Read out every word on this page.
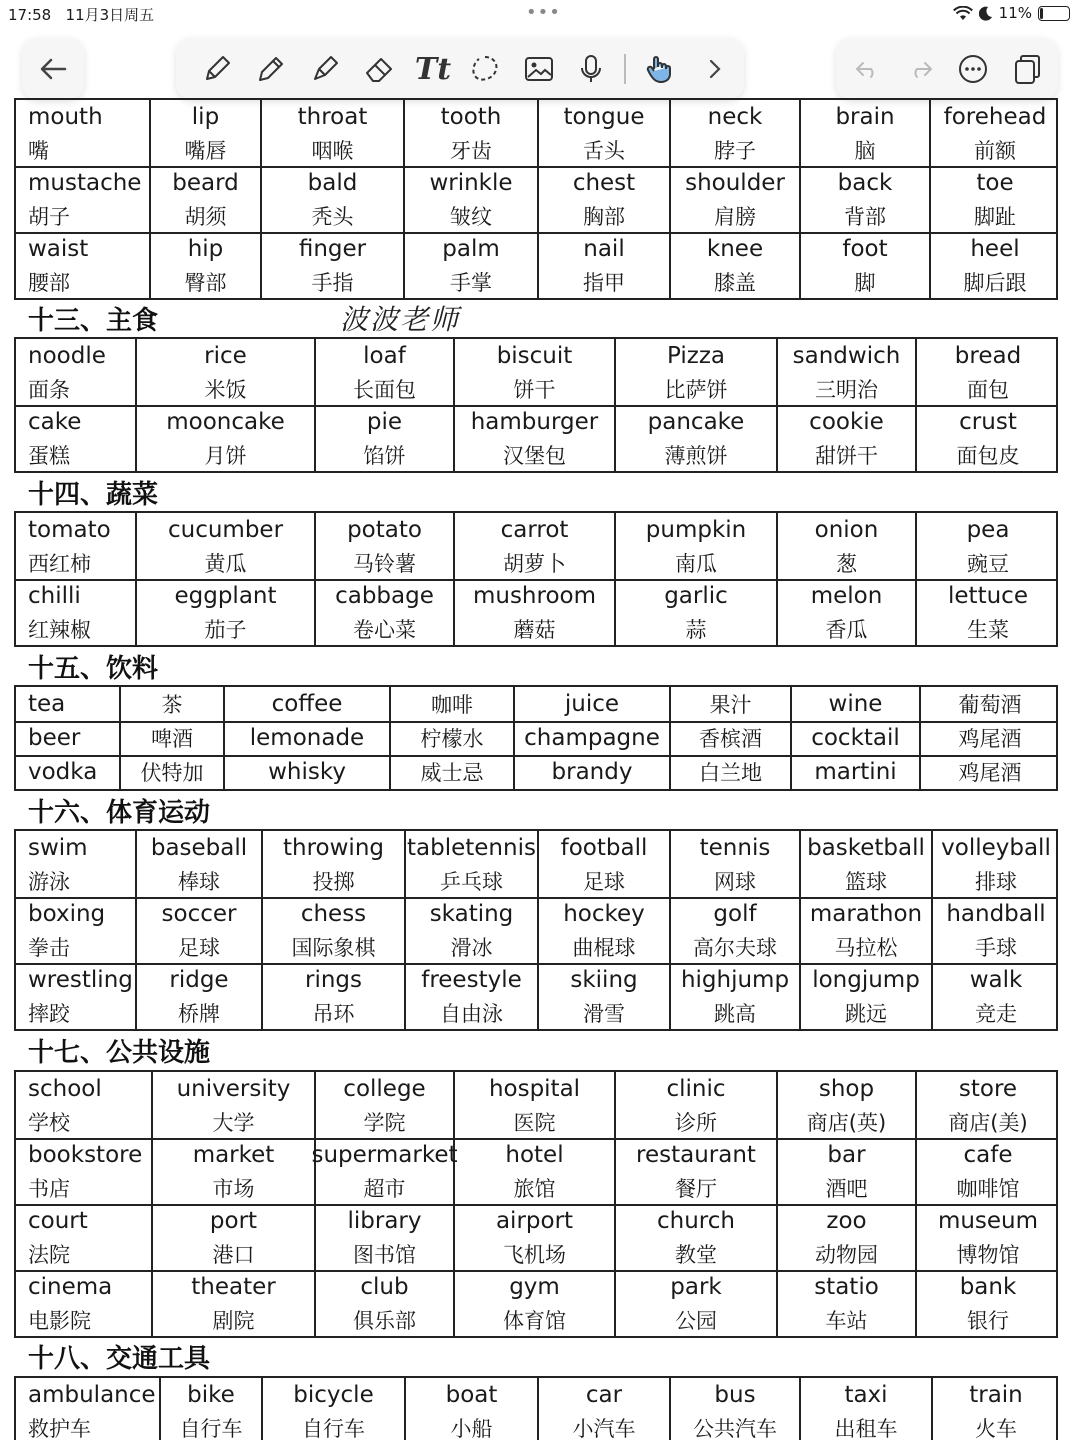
17:58 11月3日周五	•••	11%
Tt
波波老师
mouth	lip	throat	tooth	tongue	neck	brain	forehead
嘴	嘴唇	咽喉	牙齿	舌头	脖子	脑	前额
mustache	beard	bald	wrinkle	chest	shoulder	back	toe
胡子	胡须	秃头	皱纹	胸部	肩膀	背部	脚趾
waist	hip	finger	palm	nail	knee	foot	heel
腰部	臀部	手指	手掌	指甲	膝盖	脚	脚后跟
十三、主食
noodle	rice	loaf	biscuit	Pizza	sandwich	bread
面条	米饭	长面包	饼干	比萨饼	三明治	面包
cake	mooncake	pie	hamburger	pancake	cookie	crust
蛋糕	月饼	馅饼	汉堡包	薄煎饼	甜饼干	面包皮
十四、蔬菜
tomato	cucumber	potato	carrot	pumpkin	onion	pea
西红柿	黄瓜	马铃薯	胡萝卜	南瓜	葱	豌豆
chilli	eggplant	cabbage	mushroom	garlic	melon	lettuce
红辣椒	茄子	卷心菜	蘑菇	蒜	香瓜	生菜
十五、饮料
tea	茶	coffee	咖啡	juice	果汁	wine	葡萄酒
beer	啤酒	lemonade	柠檬水	champagne	香槟酒	cocktail	鸡尾酒
vodka	伏特加	whisky	威士忌	brandy	白兰地	martini	鸡尾酒
十六、体育运动
swim	baseball	throwing	tabletennis	football	tennis	basketball volleyball
游泳	棒球	投掷	乒乓球	足球	网球	篮球	排球
boxing	soccer	chess	skating	hockey	golf	marathon	handball
拳击	足球	国际象棋	滑冰	曲棍球	高尔夫球	马拉松	手球
wrestling	ridge	rings	freestyle	skiing	highjump	longjump	walk
摔跤	桥牌	吊环	自由泳	滑雪	跳高	跳远	竞走
十七、公共设施
school	university	college	hospital	clinic	shop	store
学校	大学	学院	医院	诊所	商店(英)	商店(美)
bookstore	market	supermarket	hotel	restaurant	bar	cafe
书店	市场	超市	旅馆	餐厅	酒吧	咖啡馆
court	port	library	airport	church	zoo	museum
法院	港口	图书馆	飞机场	教堂	动物园	博物馆
cinema	theater	club	gym	park	statio	bank
电影院	剧院	俱乐部	体育馆	公园	车站	银行
十八、交通工具
ambulance	bike	bicycle	boat	car	bus	taxi	train
救护车	自行车	自行车	小船	小汽车	公共汽车	出租车	火车
